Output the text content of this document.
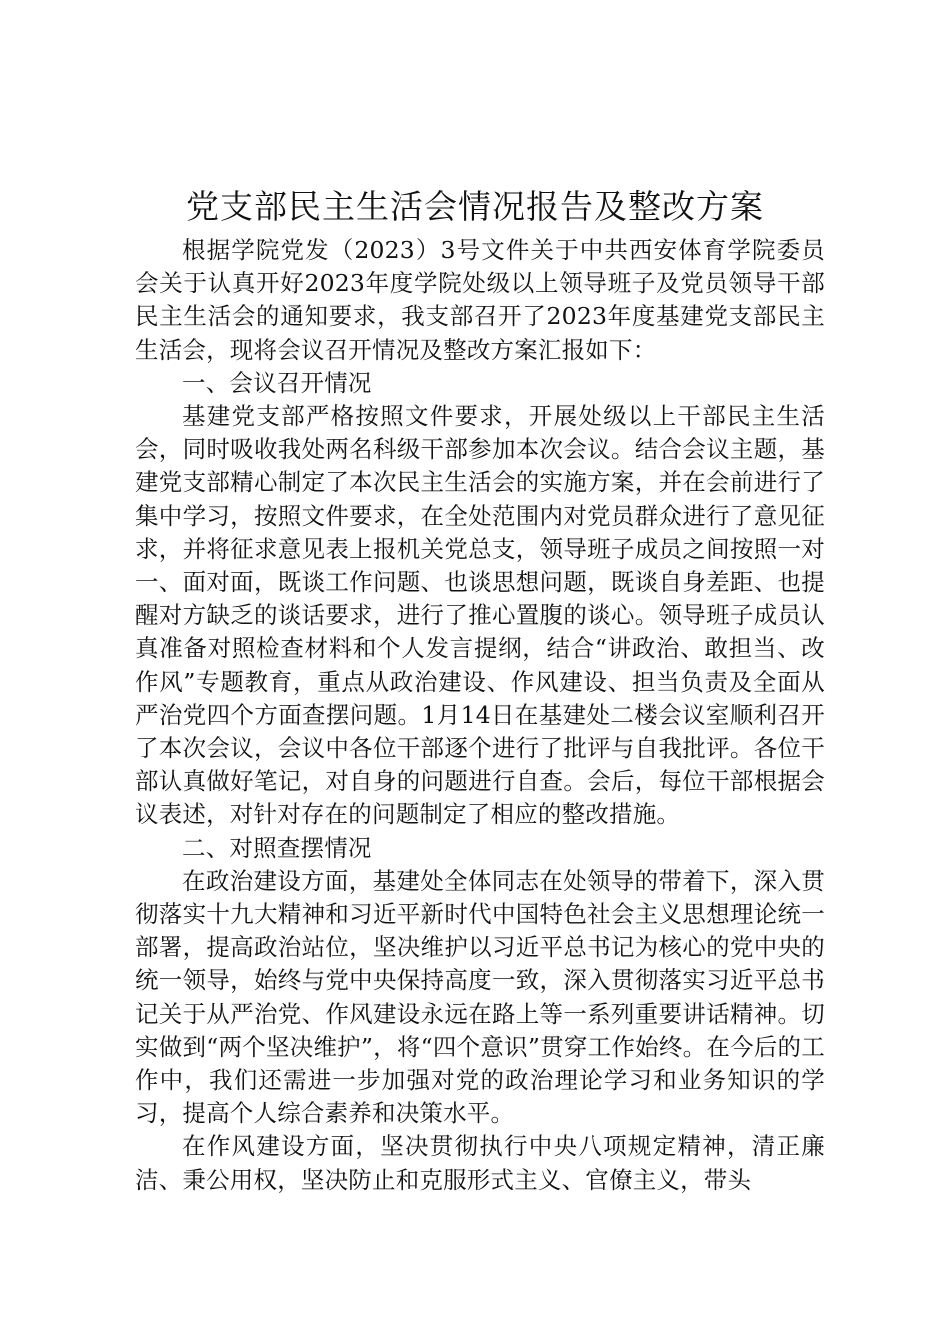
党支部民主生活会情况报告及整改方案

根据学院党发（2023）3号文件关于中共西安体育学院委员会关于认真开好2023年度学院处级以上领导班子及党员领导干部民主生活会的通知要求，我支部召开了2023年度基建党支部民主生活会，现将会议召开情况及整改方案汇报如下：

一、会议召开情况

基建党支部严格按照文件要求，开展处级以上干部民主生活会，同时吸收我处两名科级干部参加本次会议。结合会议主题，基建党支部精心制定了本次民主生活会的实施方案，并在会前进行了集中学习，按照文件要求，在全处范围内对党员群众进行了意见征求，并将征求意见表上报机关党总支，领导班子成员之间按照一对一、面对面，既谈工作问题、也谈思想问题，既谈自身差距、也提醒对方缺乏的谈话要求，进行了推心置腹的谈心。领导班子成员认真准备对照检查材料和个人发言提纲，结合“讲政治、敢担当、改作风”专题教育，重点从政治建设、作风建设、担当负责及全面从严治党四个方面查摆问题。1月14日在基建处二楼会议室顺利召开了本次会议，会议中各位干部逐个进行了批评与自我批评。各位干部认真做好笔记，对自身的问题进行自查。会后，每位干部根据会议表述，对针对存在的问题制定了相应的整改措施。

二、对照查摆情况

在政治建设方面，基建处全体同志在处领导的带着下，深入贯彻落实十九大精神和习近平新时代中国特色社会主义思想理论统一部署，提高政治站位，坚决维护以习近平总书记为核心的党中央的统一领导，始终与党中央保持高度一致，深入贯彻落实习近平总书记关于从严治党、作风建设永远在路上等一系列重要讲话精神。切实做到“两个坚决维护”，将“四个意识”贯穿工作始终。在今后的工作中，我们还需进一步加强对党的政治理论学习和业务知识的学习，提高个人综合素养和决策水平。

在作风建设方面，坚决贯彻执行中央八项规定精神，清正廉洁、秉公用权，坚决防止和克服形式主义、官僚主义，带头
